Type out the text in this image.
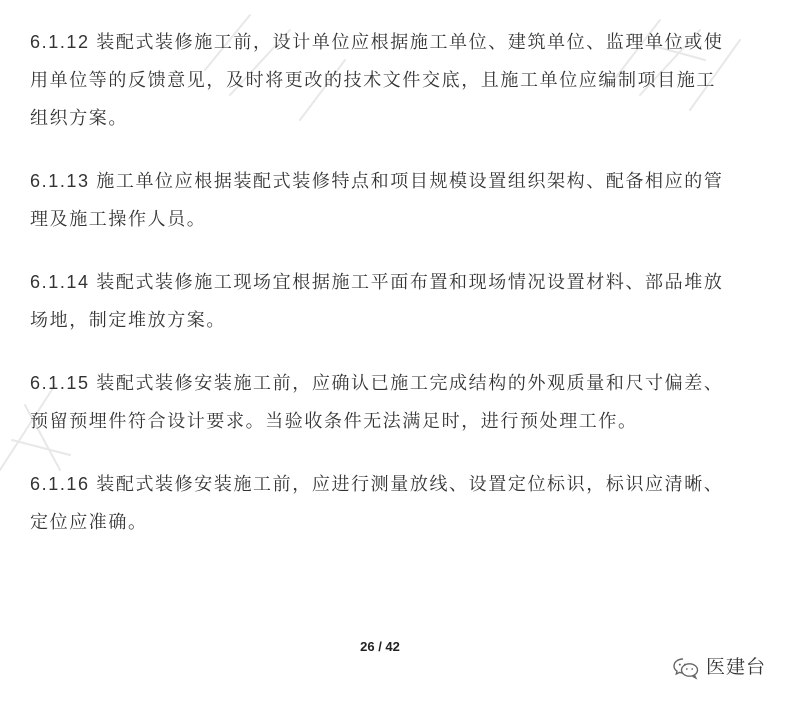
6.1.12 装配式装修施工前，设计单位应根据施工单位、建筑单位、监理单位或使
用单位等的反馈意见，及时将更改的技术文件交底，且施工单位应编制项目施工
组织方案。
6.1.13 施工单位应根据装配式装修特点和项目规模设置组织架构、配备相应的管
理及施工操作人员。
6.1.14 装配式装修施工现场宜根据施工平面布置和现场情况设置材料、部品堆放
场地，制定堆放方案。
6.1.15 装配式装修安装施工前，应确认已施工完成结构的外观质量和尺寸偏差、
预留预埋件符合设计要求。当验收条件无法满足时，进行预处理工作。
6.1.16 装配式装修安装施工前，应进行测量放线、设置定位标识，标识应清晰、
定位应准确。
26 / 42
医建台
